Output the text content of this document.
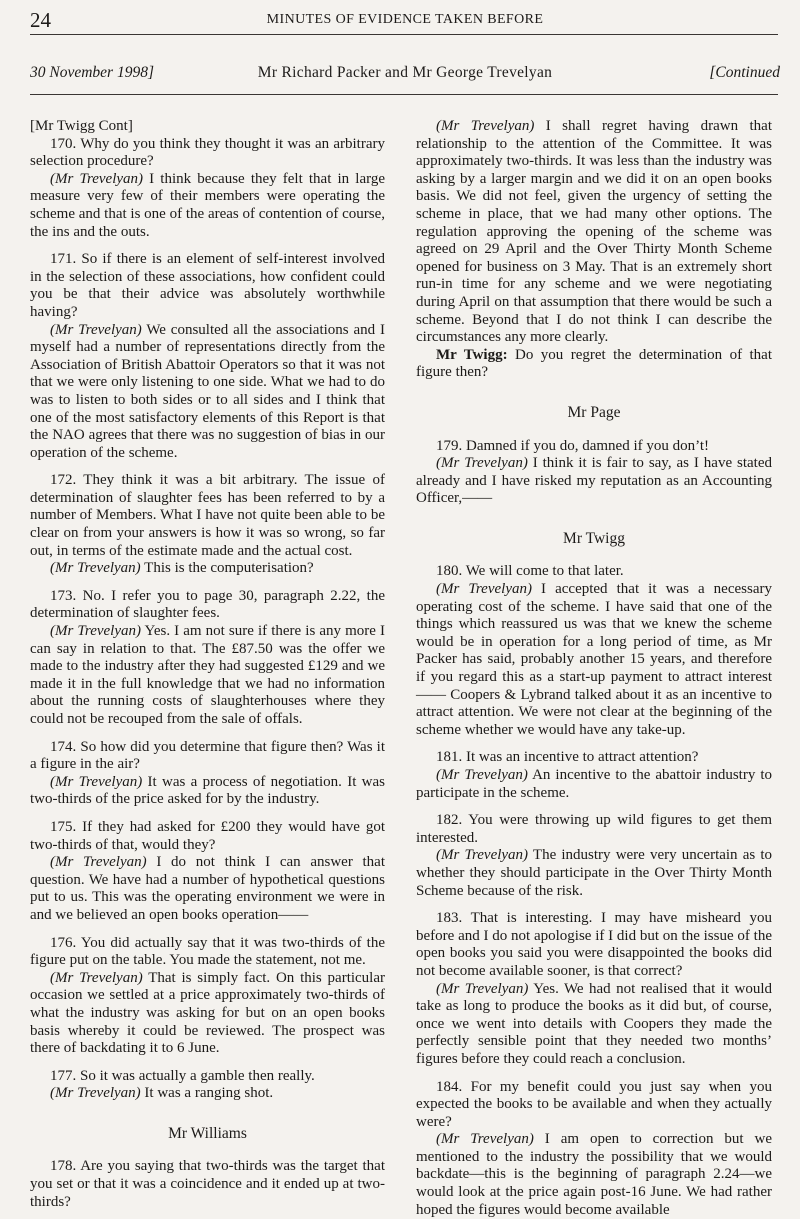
24	MINUTES OF EVIDENCE TAKEN BEFORE
30 November 1998]	Mr Richard Packer and Mr George Trevelyan	[Continued

[Mr Twigg Cont]

170. Why do you think they thought it was an arbitrary selection procedure?

(Mr Trevelyan) I think because they felt that in large measure very few of their members were operating the scheme and that is one of the areas of contention of course, the ins and the outs.

171. So if there is an element of self-interest involved in the selection of these associations, how confident could you be that their advice was absolutely worthwhile having?

(Mr Trevelyan) We consulted all the associations and I myself had a number of representations directly from the Association of British Abattoir Operators so that it was not that we were only listening to one side. What we had to do was to listen to both sides or to all sides and I think that one of the most satisfactory elements of this Report is that the NAO agrees that there was no suggestion of bias in our operation of the scheme.

172. They think it was a bit arbitrary. The issue of determination of slaughter fees has been referred to by a number of Members. What I have not quite been able to be clear on from your answers is how it was so wrong, so far out, in terms of the estimate made and the actual cost.

(Mr Trevelyan) This is the computerisation?

173. No. I refer you to page 30, paragraph 2.22, the determination of slaughter fees.

(Mr Trevelyan) Yes. I am not sure if there is any more I can say in relation to that. The £87.50 was the offer we made to the industry after they had suggested £129 and we made it in the full knowledge that we had no information about the running costs of slaughterhouses where they could not be recouped from the sale of offals.

174. So how did you determine that figure then? Was it a figure in the air?

(Mr Trevelyan) It was a process of negotiation. It was two-thirds of the price asked for by the industry.

175. If they had asked for £200 they would have got two-thirds of that, would they?

(Mr Trevelyan) I do not think I can answer that question. We have had a number of hypothetical questions put to us. This was the operating environment we were in and we believed an open books operation——

176. You did actually say that it was two-thirds of the figure put on the table. You made the statement, not me.

(Mr Trevelyan) That is simply fact. On this particular occasion we settled at a price approximately two-thirds of what the industry was asking for but on an open books basis whereby it could be reviewed. The prospect was there of backdating it to 6 June.

177. So it was actually a gamble then really.

(Mr Trevelyan) It was a ranging shot.

Mr Williams

178. Are you saying that two-thirds was the target that you set or that it was a coincidence and it ended up at two-thirds?

(Mr Trevelyan) I shall regret having drawn that relationship to the attention of the Committee. It was approximately two-thirds. It was less than the industry was asking by a larger margin and we did it on an open books basis. We did not feel, given the urgency of setting the scheme in place, that we had many other options. The regulation approving the opening of the scheme was agreed on 29 April and the Over Thirty Month Scheme opened for business on 3 May. That is an extremely short run-in time for any scheme and we were negotiating during April on that assumption that there would be such a scheme. Beyond that I do not think I can describe the circumstances any more clearly.

Mr Twigg: Do you regret the determination of that figure then?

Mr Page

179. Damned if you do, damned if you don’t!

(Mr Trevelyan) I think it is fair to say, as I have stated already and I have risked my reputation as an Accounting Officer,——

Mr Twigg

180. We will come to that later.

(Mr Trevelyan) I accepted that it was a necessary operating cost of the scheme. I have said that one of the things which reassured us was that we knew the scheme would be in operation for a long period of time, as Mr Packer has said, probably another 15 years, and therefore if you regard this as a start-up payment to attract interest—— Coopers & Lybrand talked about it as an incentive to attract attention. We were not clear at the beginning of the scheme whether we would have any take-up.

181. It was an incentive to attract attention?

(Mr Trevelyan) An incentive to the abattoir industry to participate in the scheme.

182. You were throwing up wild figures to get them interested.

(Mr Trevelyan) The industry were very uncertain as to whether they should participate in the Over Thirty Month Scheme because of the risk.

183. That is interesting. I may have misheard you before and I do not apologise if I did but on the issue of the open books you said you were disappointed the books did not become available sooner, is that correct?

(Mr Trevelyan) Yes. We had not realised that it would take as long to produce the books as it did but, of course, once we went into details with Coopers they made the perfectly sensible point that they needed two months’ figures before they could reach a conclusion.

184. For my benefit could you just say when you expected the books to be available and when they actually were?

(Mr Trevelyan) I am open to correction but we mentioned to the industry the possibility that we would backdate—this is the beginning of paragraph 2.24—we would look at the price again post-16 June. We had rather hoped the figures would become available
